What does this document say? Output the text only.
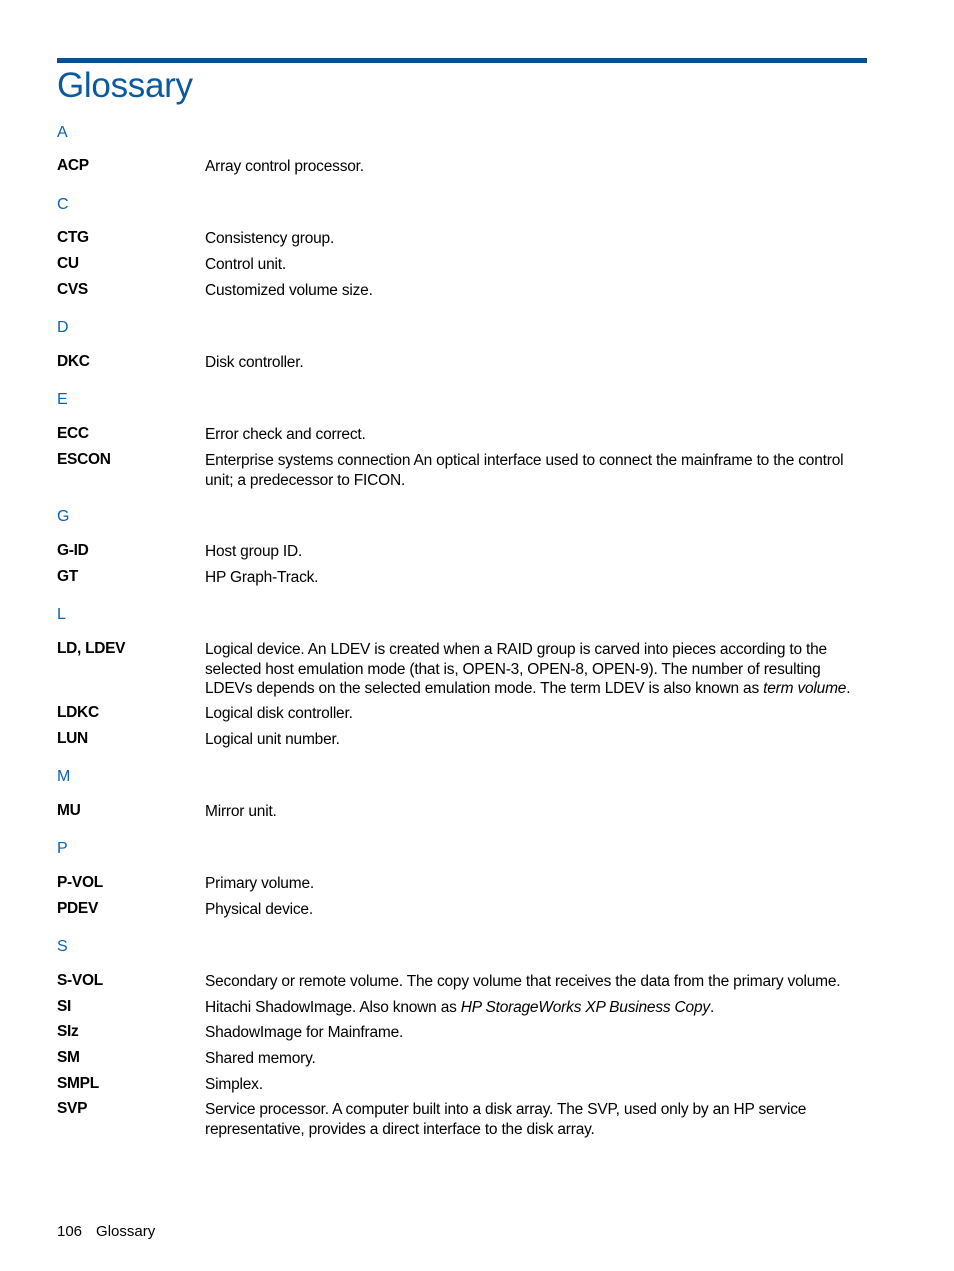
Glossary
A
ACP	Array control processor.
C
CTG	Consistency group.
CU	Control unit.
CVS	Customized volume size.
D
DKC	Disk controller.
E
ECC	Error check and correct.
ESCON	Enterprise systems connection An optical interface used to connect the mainframe to the control unit; a predecessor to FICON.
G
G-ID	Host group ID.
GT	HP Graph-Track.
L
LD, LDEV	Logical device. An LDEV is created when a RAID group is carved into pieces according to the selected host emulation mode (that is, OPEN-3, OPEN-8, OPEN-9). The number of resulting LDEVs depends on the selected emulation mode. The term LDEV is also known as term volume.
LDKC	Logical disk controller.
LUN	Logical unit number.
M
MU	Mirror unit.
P
P-VOL	Primary volume.
PDEV	Physical device.
S
S-VOL	Secondary or remote volume. The copy volume that receives the data from the primary volume.
SI	Hitachi ShadowImage. Also known as HP StorageWorks XP Business Copy.
SIz	ShadowImage for Mainframe.
SM	Shared memory.
SMPL	Simplex.
SVP	Service processor. A computer built into a disk array. The SVP, used only by an HP service representative, provides a direct interface to the disk array.
106 Glossary
